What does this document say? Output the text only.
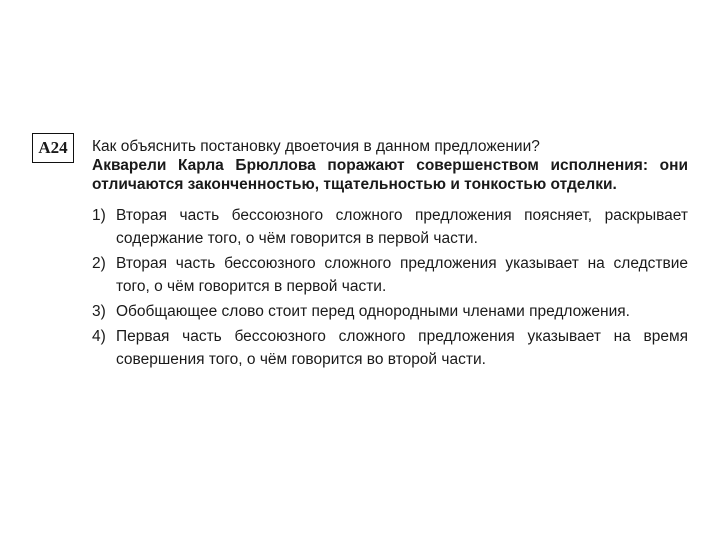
A24	Как объяснить постановку двоеточия в данном предложении?

Акварели Карла Брюллова поражают совершенством исполнения: они отличаются законченностью, тщательностью и тонкостью отделки.

1) Вторая часть бессоюзного сложного предложения поясняет, раскрывает содержание того, о чём говорится в первой части.
2) Вторая часть бессоюзного сложного предложения указывает на следствие того, о чём говорится в первой части.
3) Обобщающее слово стоит перед однородными членами предложения.
4) Первая часть бессоюзного сложного предложения указывает на время совершения того, о чём говорится во второй части.
